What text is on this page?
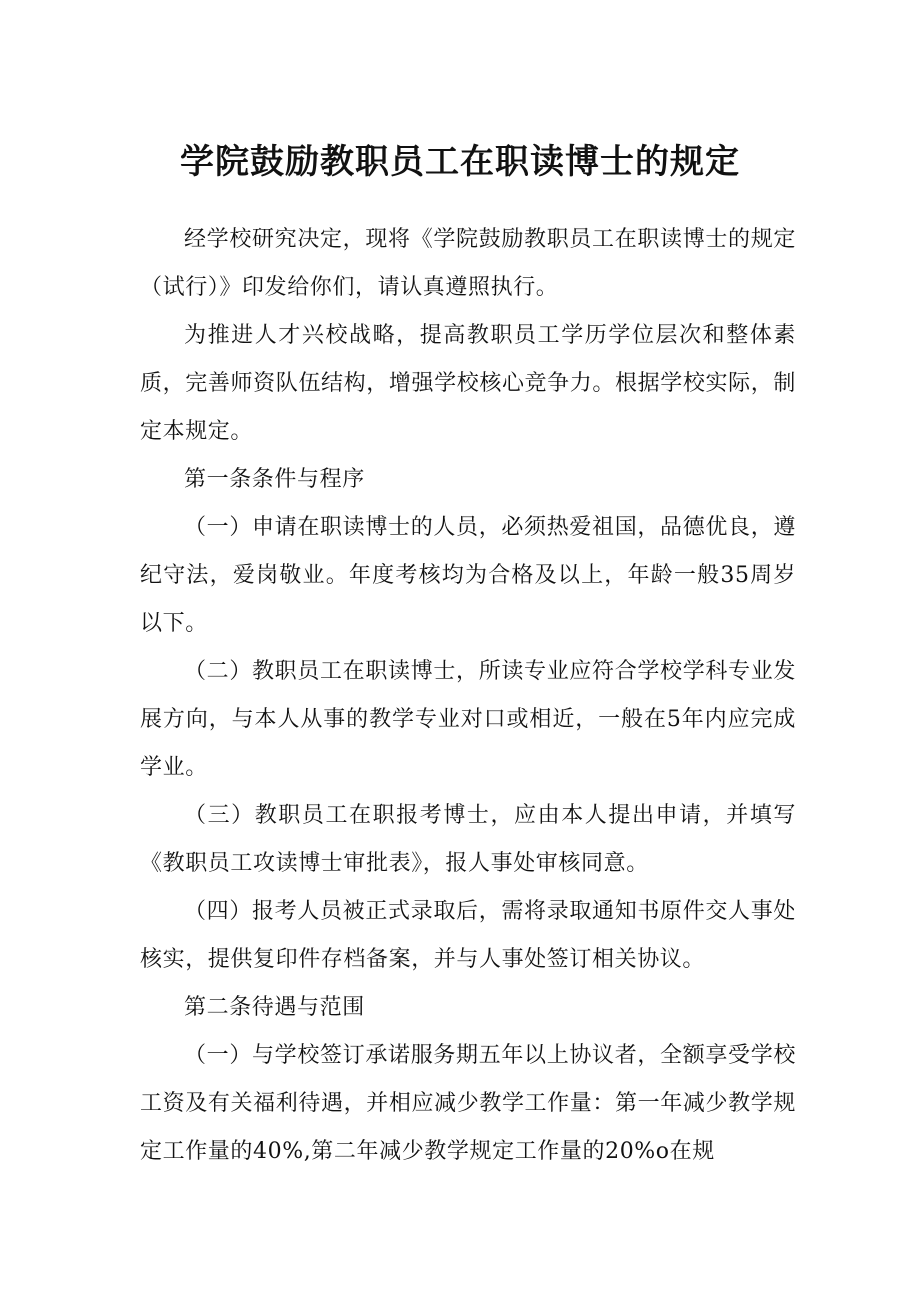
学院鼓励教职员工在职读博士的规定

经学校研究决定，现将《学院鼓励教职员工在职读博士的规定（试行）》印发给你们，请认真遵照执行。

为推进人才兴校战略，提高教职员工学历学位层次和整体素质，完善师资队伍结构，增强学校核心竞争力。根据学校实际，制定本规定。

第一条条件与程序

（一）申请在职读博士的人员，必须热爱祖国，品德优良，遵纪守法，爱岗敬业。年度考核均为合格及以上，年龄一般35周岁以下。

（二）教职员工在职读博士，所读专业应符合学校学科专业发展方向，与本人从事的教学专业对口或相近，一般在5年内应完成学业。

（三）教职员工在职报考博士，应由本人提出申请，并填写《教职员工攻读博士审批表》，报人事处审核同意。

（四）报考人员被正式录取后，需将录取通知书原件交人事处核实，提供复印件存档备案，并与人事处签订相关协议。

第二条待遇与范围

（一）与学校签订承诺服务期五年以上协议者，全额享受学校工资及有关福利待遇，并相应减少教学工作量：第一年减少教学规定工作量的40%,第二年减少教学规定工作量的20%o在规
